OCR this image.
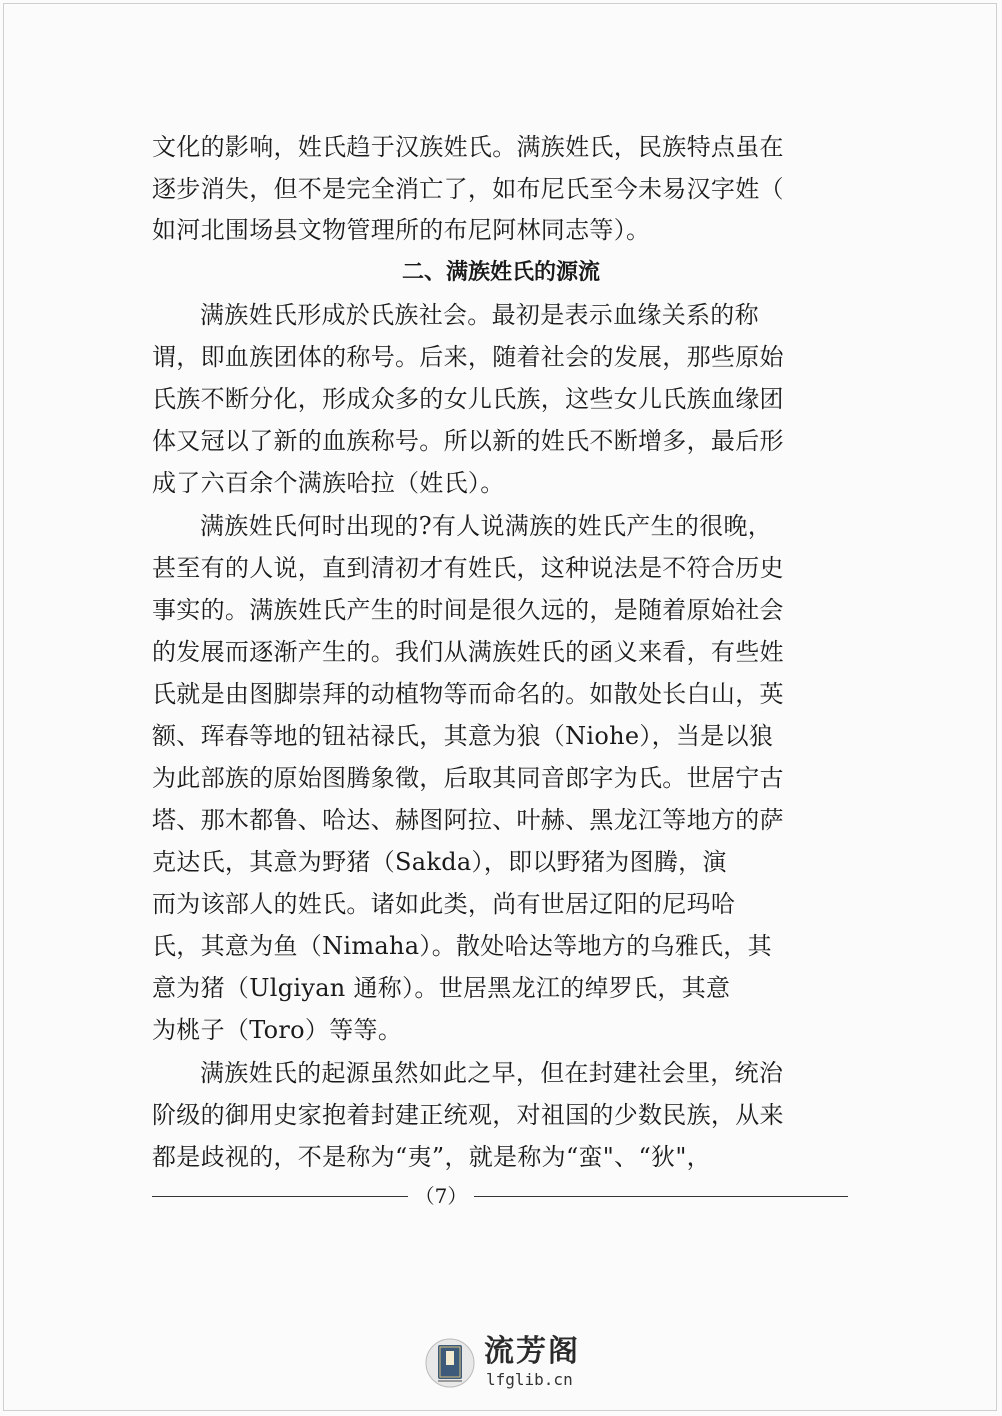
文化的影响，姓氏趋于汉族姓氏。满族姓氏，民族特点虽在
逐步消失，但不是完全消亡了，如布尼氏至今未易汉字姓（
如河北围场县文物管理所的布尼阿林同志等）。
二、满族姓氏的源流
满族姓氏形成於氏族社会。最初是表示血缘关系的称
谓，即血族团体的称号。后来，随着社会的发展，那些原始
氏族不断分化，形成众多的女儿氏族，这些女儿氏族血缘团
体又冠以了新的血族称号。所以新的姓氏不断增多，最后形
成了六百余个满族哈拉（姓氏）。
满族姓氏何时出现的?有人说满族的姓氏产生的很晚，
甚至有的人说，直到清初才有姓氏，这种说法是不符合历史
事实的。满族姓氏产生的时间是很久远的，是随着原始社会
的发展而逐渐产生的。我们从满族姓氏的函义来看，有些姓
氏就是由图脚崇拜的动植物等而命名的。如散处长白山，英
额、珲春等地的钮祜禄氏，其意为狼（Niohe），当是以狼
为此部族的原始图腾象徵，后取其同音郎字为氏。世居宁古
塔、那木都鲁、哈达、赫图阿拉、叶赫、黑龙江等地方的萨
克达氏，其意为野猪（Sakda），即以野猪为图腾，演
而为该部人的姓氏。诸如此类，尚有世居辽阳的尼玛哈
氏，其意为鱼（Nimaha）。散处哈达等地方的乌雅氏，其
意为猪（Ulgiyan 通称）。世居黑龙江的绰罗氏，其意
为桃子（Toro）等等。
满族姓氏的起源虽然如此之早，但在封建社会里，统治
阶级的御用史家抱着封建正统观，对祖国的少数民族，从来
都是歧视的，不是称为“夷”，就是称为“蛮"、“狄"，
（7）
流芳阁
lfglib.cn
